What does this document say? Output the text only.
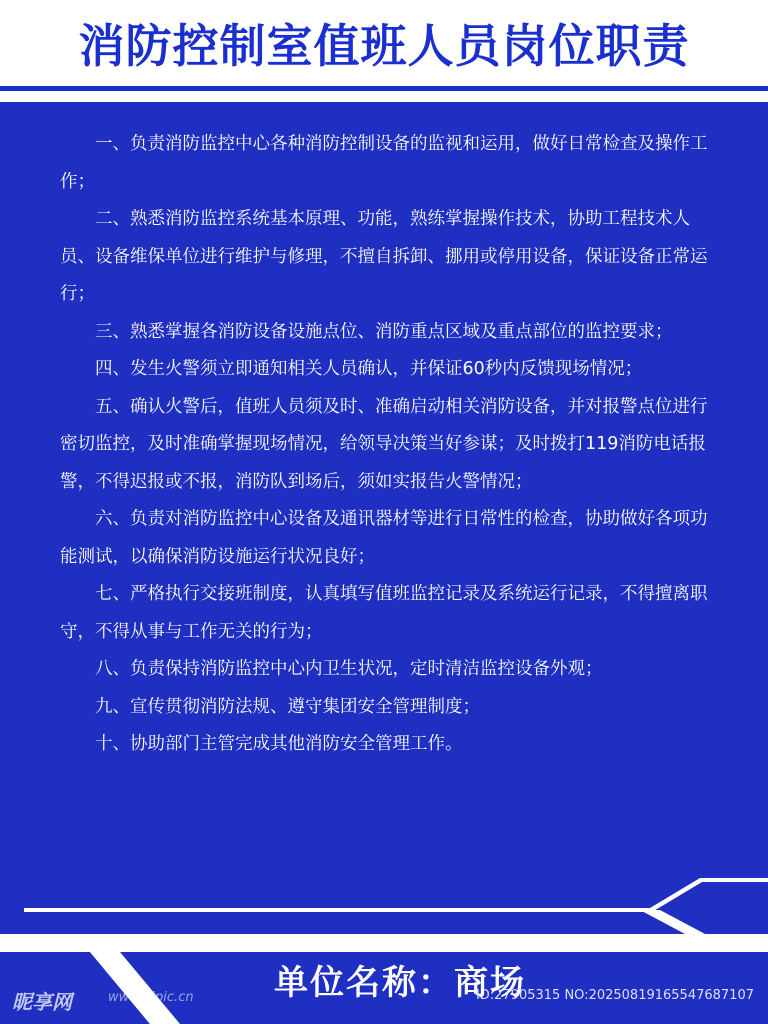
消防控制室值班人员岗位职责

一、负责消防监控中心各种消防控制设备的监视和运用，做好日常检查及操作工作；

二、熟悉消防监控系统基本原理、功能，熟练掌握操作技术，协助工程技术人员、设备维保单位进行维护与修理，不擅自拆卸、挪用或停用设备，保证设备正常运行；

三、熟悉掌握各消防设备设施点位、消防重点区域及重点部位的监控要求；

四、发生火警须立即通知相关人员确认，并保证60秒内反馈现场情况；

五、确认火警后，值班人员须及时、准确启动相关消防设备，并对报警点位进行密切监控，及时准确掌握现场情况，给领导决策当好参谋；及时拨打119消防电话报警，不得迟报或不报，消防队到场后，须如实报告火警情况；

六、负责对消防监控中心设备及通讯器材等进行日常性的检查，协助做好各项功能测试，以确保消防设施运行状况良好；

七、严格执行交接班制度，认真填写值班监控记录及系统运行记录，不得擅离职守，不得从事与工作无关的行为；

八、负责保持消防监控中心内卫生状况，定时清洁监控设备外观；

九、宣传贯彻消防法规、遵守集团安全管理制度；

十、协助部门主管完成其他消防安全管理工作。

单位名称：商场
昵享网	www.nipic.cn	ID:27905315 NO:20250819165547687107
